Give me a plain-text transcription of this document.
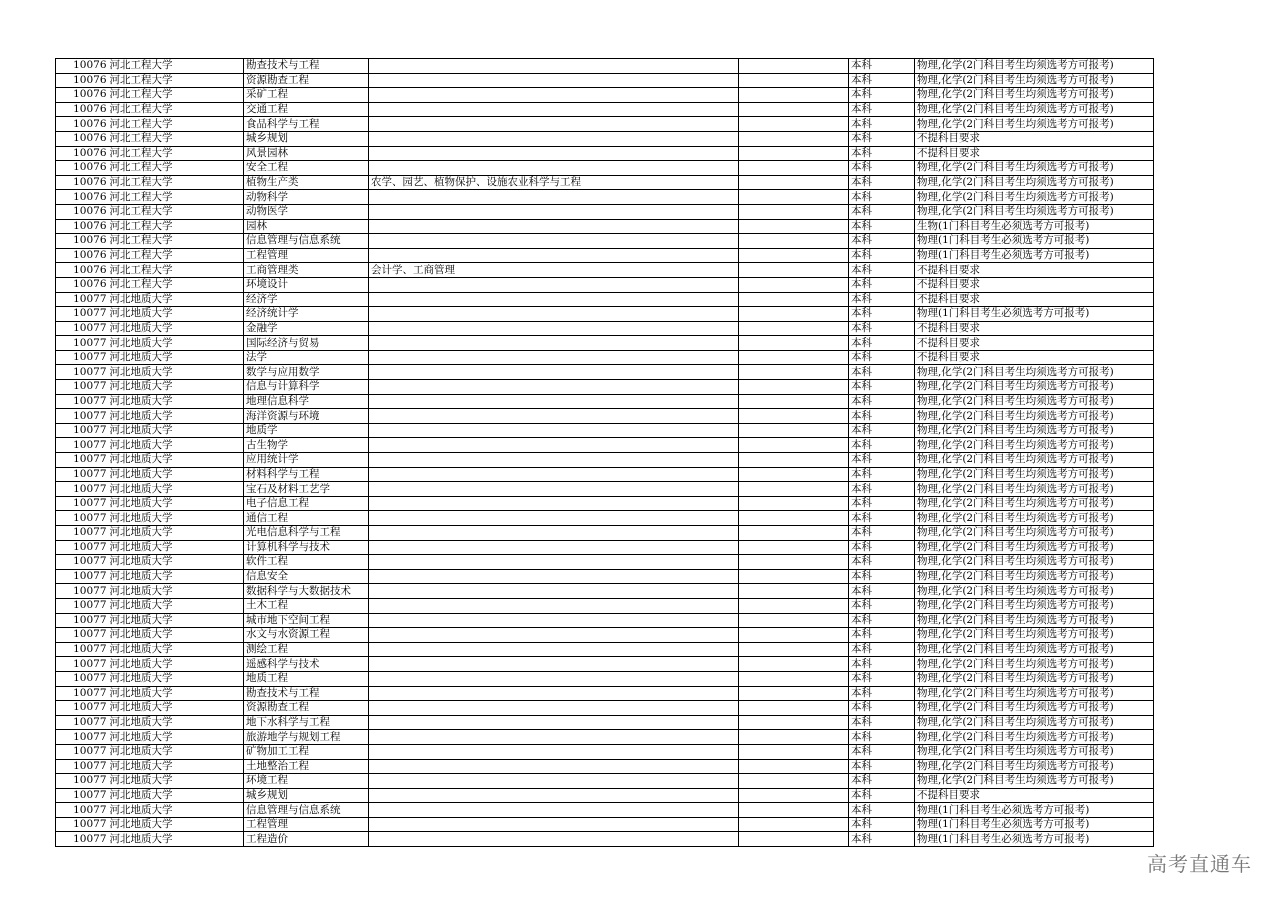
10076	河北工程大学	勘查技术与工程			本科	物理,化学(2门科目考生均须选考方可报考)
10076	河北工程大学	资源勘查工程			本科	物理,化学(2门科目考生均须选考方可报考)
10076	河北工程大学	采矿工程			本科	物理,化学(2门科目考生均须选考方可报考)
10076	河北工程大学	交通工程			本科	物理,化学(2门科目考生均须选考方可报考)
10076	河北工程大学	食品科学与工程			本科	物理,化学(2门科目考生均须选考方可报考)
10076	河北工程大学	城乡规划			本科	不提科目要求
10076	河北工程大学	风景园林			本科	不提科目要求
10076	河北工程大学	安全工程			本科	物理,化学(2门科目考生均须选考方可报考)
10076	河北工程大学	植物生产类	农学、园艺、植物保护、设施农业科学与工程		本科	物理,化学(2门科目考生均须选考方可报考)
10076	河北工程大学	动物科学			本科	物理,化学(2门科目考生均须选考方可报考)
10076	河北工程大学	动物医学			本科	物理,化学(2门科目考生均须选考方可报考)
10076	河北工程大学	园林			本科	生物(1门科目考生必须选考方可报考)
10076	河北工程大学	信息管理与信息系统			本科	物理(1门科目考生必须选考方可报考)
10076	河北工程大学	工程管理			本科	物理(1门科目考生必须选考方可报考)
10076	河北工程大学	工商管理类	会计学、工商管理		本科	不提科目要求
10076	河北工程大学	环境设计			本科	不提科目要求
10077	河北地质大学	经济学			本科	不提科目要求
10077	河北地质大学	经济统计学			本科	物理(1门科目考生必须选考方可报考)
10077	河北地质大学	金融学			本科	不提科目要求
10077	河北地质大学	国际经济与贸易			本科	不提科目要求
10077	河北地质大学	法学			本科	不提科目要求
10077	河北地质大学	数学与应用数学			本科	物理,化学(2门科目考生均须选考方可报考)
10077	河北地质大学	信息与计算科学			本科	物理,化学(2门科目考生均须选考方可报考)
10077	河北地质大学	地理信息科学			本科	物理,化学(2门科目考生均须选考方可报考)
10077	河北地质大学	海洋资源与环境			本科	物理,化学(2门科目考生均须选考方可报考)
10077	河北地质大学	地质学			本科	物理,化学(2门科目考生均须选考方可报考)
10077	河北地质大学	古生物学			本科	物理,化学(2门科目考生均须选考方可报考)
10077	河北地质大学	应用统计学			本科	物理,化学(2门科目考生均须选考方可报考)
10077	河北地质大学	材料科学与工程			本科	物理,化学(2门科目考生均须选考方可报考)
10077	河北地质大学	宝石及材料工艺学			本科	物理,化学(2门科目考生均须选考方可报考)
10077	河北地质大学	电子信息工程			本科	物理,化学(2门科目考生均须选考方可报考)
10077	河北地质大学	通信工程			本科	物理,化学(2门科目考生均须选考方可报考)
10077	河北地质大学	光电信息科学与工程			本科	物理,化学(2门科目考生均须选考方可报考)
10077	河北地质大学	计算机科学与技术			本科	物理,化学(2门科目考生均须选考方可报考)
10077	河北地质大学	软件工程			本科	物理,化学(2门科目考生均须选考方可报考)
10077	河北地质大学	信息安全			本科	物理,化学(2门科目考生均须选考方可报考)
10077	河北地质大学	数据科学与大数据技术			本科	物理,化学(2门科目考生均须选考方可报考)
10077	河北地质大学	土木工程			本科	物理,化学(2门科目考生均须选考方可报考)
10077	河北地质大学	城市地下空间工程			本科	物理,化学(2门科目考生均须选考方可报考)
10077	河北地质大学	水文与水资源工程			本科	物理,化学(2门科目考生均须选考方可报考)
10077	河北地质大学	测绘工程			本科	物理,化学(2门科目考生均须选考方可报考)
10077	河北地质大学	遥感科学与技术			本科	物理,化学(2门科目考生均须选考方可报考)
10077	河北地质大学	地质工程			本科	物理,化学(2门科目考生均须选考方可报考)
10077	河北地质大学	勘查技术与工程			本科	物理,化学(2门科目考生均须选考方可报考)
10077	河北地质大学	资源勘查工程			本科	物理,化学(2门科目考生均须选考方可报考)
10077	河北地质大学	地下水科学与工程			本科	物理,化学(2门科目考生均须选考方可报考)
10077	河北地质大学	旅游地学与规划工程			本科	物理,化学(2门科目考生均须选考方可报考)
10077	河北地质大学	矿物加工工程			本科	物理,化学(2门科目考生均须选考方可报考)
10077	河北地质大学	土地整治工程			本科	物理,化学(2门科目考生均须选考方可报考)
10077	河北地质大学	环境工程			本科	物理,化学(2门科目考生均须选考方可报考)
10077	河北地质大学	城乡规划			本科	不提科目要求
10077	河北地质大学	信息管理与信息系统			本科	物理(1门科目考生必须选考方可报考)
10077	河北地质大学	工程管理			本科	物理(1门科目考生必须选考方可报考)
10077	河北地质大学	工程造价			本科	物理(1门科目考生必须选考方可报考)
高考直通车
